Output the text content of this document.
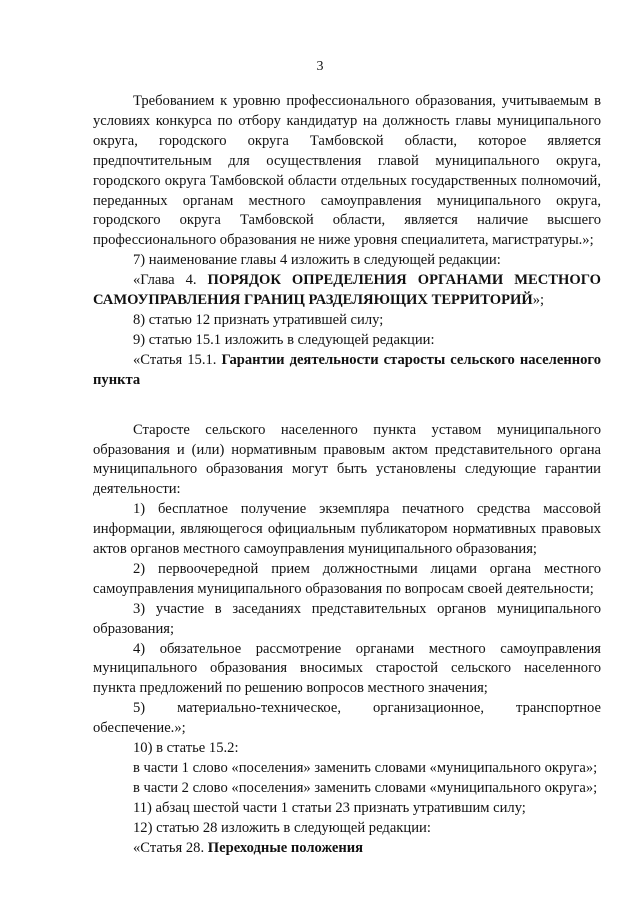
3

Требованием к уровню профессионального образования, учитываемым в условиях конкурса по отбору кандидатур на должность главы муниципального округа, городского округа Тамбовской области, которое является предпочтительным для осуществления главой муниципального округа, городского округа Тамбовской области отдельных государственных полномочий, переданных органам местного самоуправления муниципального округа, городского округа Тамбовской области, является наличие высшего профессионального образования не ниже уровня специалитета, магистратуры.»;

7) наименование главы 4 изложить в следующей редакции:

«Глава 4. ПОРЯДОК ОПРЕДЕЛЕНИЯ ОРГАНАМИ МЕСТНОГО САМОУПРАВЛЕНИЯ ГРАНИЦ РАЗДЕЛЯЮЩИХ ТЕРРИТОРИЙ»;

8) статью 12 признать утратившей силу;

9) статью 15.1 изложить в следующей редакции:

«Статья 15.1. Гарантии деятельности старосты сельского населенного пункта

Старосте сельского населенного пункта уставом муниципального образования и (или) нормативным правовым актом представительного органа муниципального образования могут быть установлены следующие гарантии деятельности:

1) бесплатное получение экземпляра печатного средства массовой информации, являющегося официальным публикатором нормативных правовых актов органов местного самоуправления муниципального образования;

2) первоочередной прием должностными лицами органа местного самоуправления муниципального образования по вопросам своей деятельности;

3) участие в заседаниях представительных органов муниципального образования;

4) обязательное рассмотрение органами местного самоуправления муниципального образования вносимых старостой сельского населенного пункта предложений по решению вопросов местного значения;

5) материально-техническое, организационное, транспортное обеспечение.»;

10) в статье 15.2:

в части 1 слово «поселения» заменить словами «муниципального округа»;

в части 2 слово «поселения» заменить словами «муниципального округа»;

11) абзац шестой части 1 статьи 23 признать утратившим силу;

12) статью 28 изложить в следующей редакции:

«Статья 28. Переходные положения
